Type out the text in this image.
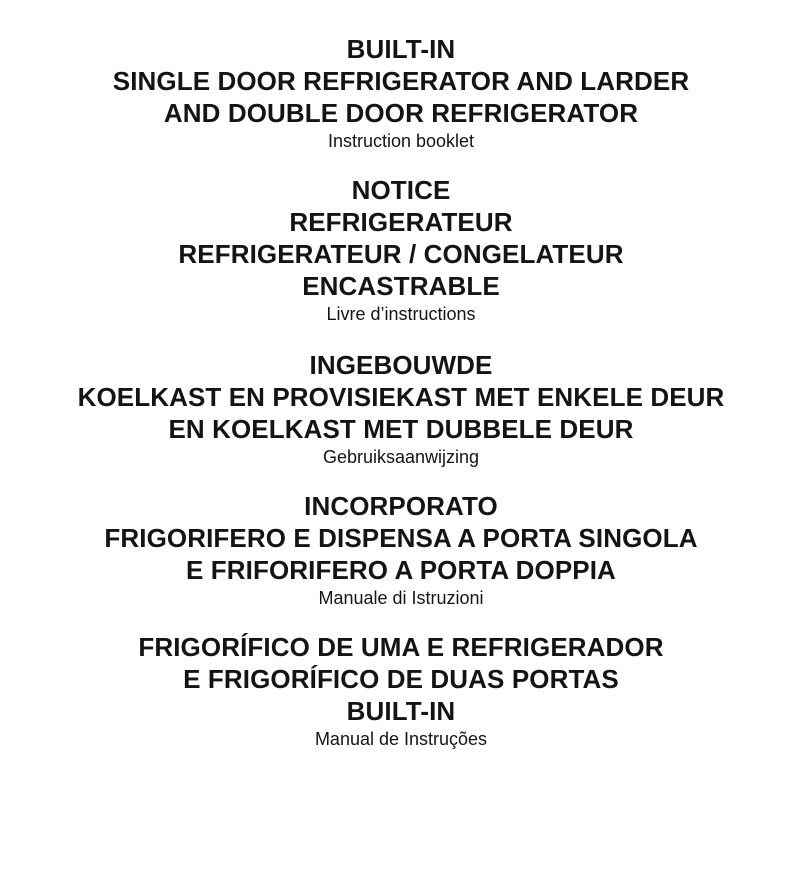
BUILT-IN
SINGLE DOOR REFRIGERATOR AND LARDER
AND DOUBLE DOOR REFRIGERATOR
Instruction booklet
NOTICE
REFRIGERATEUR
REFRIGERATEUR / CONGELATEUR
ENCASTRABLE
Livre d’instructions
INGEBOUWDE
KOELKAST EN PROVISIEKAST MET ENKELE DEUR
EN KOELKAST MET DUBBELE DEUR
Gebruiksaanwijzing
INCORPORATO
FRIGORIFERO E DISPENSA A PORTA SINGOLA
E FRIFORIFERO A PORTA DOPPIA
Manuale di Istruzioni
FRIGORÍFICO DE UMA E REFRIGERADOR
E FRIGORÍFICO DE DUAS PORTAS
BUILT-IN
Manual de Instruções
